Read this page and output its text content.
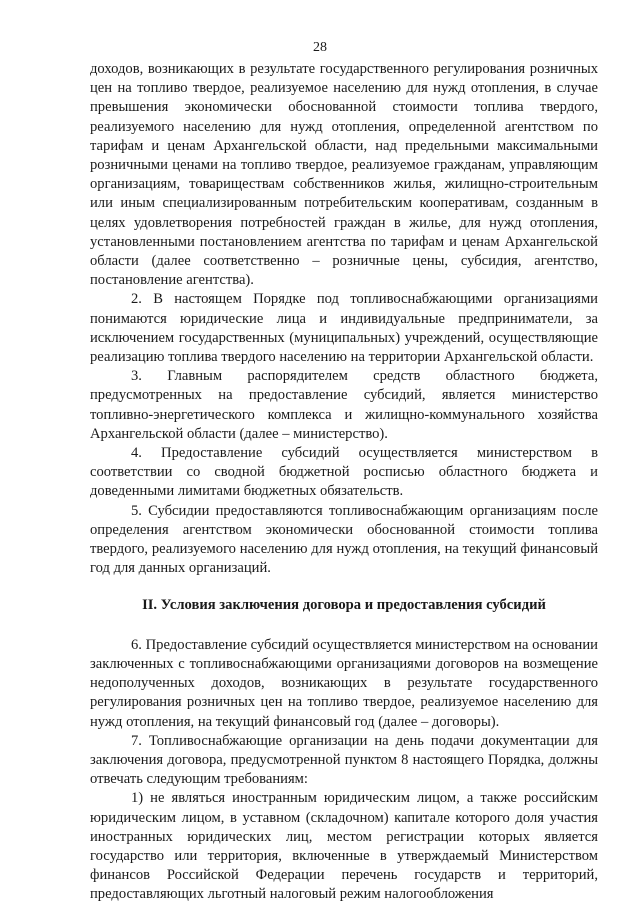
28

доходов, возникающих в результате государственного регулирования розничных цен на топливо твердое, реализуемое населению для нужд отопления, в случае превышения экономически обоснованной стоимости топлива твердого, реализуемого населению для нужд отопления, определенной агентством по тарифам и ценам Архангельской области, над предельными максимальными розничными ценами на топливо твердое, реализуемое гражданам, управляющим организациям, товариществам собственников жилья, жилищно-строительным или иным специализированным потребительским кооперативам, созданным в целях удовлетворения потребностей граждан в жилье, для нужд отопления, установленными постановлением агентства по тарифам и ценам Архангельской области (далее соответственно – розничные цены, субсидия, агентство, постановление агентства).

2. В настоящем Порядке под топливоснабжающими организациями понимаются юридические лица и индивидуальные предприниматели, за исключением государственных (муниципальных) учреждений, осуществляющие реализацию топлива твердого населению на территории Архангельской области.

3. Главным распорядителем средств областного бюджета, предусмотренных на предоставление субсидий, является министерство топливно-энергетического комплекса и жилищно-коммунального хозяйства Архангельской области (далее – министерство).

4. Предоставление субсидий осуществляется министерством в соответствии со сводной бюджетной росписью областного бюджета и доведенными лимитами бюджетных обязательств.

5. Субсидии предоставляются топливоснабжающим организациям после определения агентством экономически обоснованной стоимости топлива твердого, реализуемого населению для нужд отопления, на текущий финансовый год для данных организаций.

II. Условия заключения договора и предоставления субсидий

6. Предоставление субсидий осуществляется министерством на основании заключенных с топливоснабжающими организациями договоров на возмещение недополученных доходов, возникающих в результате государственного регулирования розничных цен на топливо твердое, реализуемое населению для нужд отопления, на текущий финансовый год (далее – договоры).

7. Топливоснабжающие организации на день подачи документации для заключения договора, предусмотренной пунктом 8 настоящего Порядка, должны отвечать следующим требованиям:

1) не являться иностранным юридическим лицом, а также российским юридическим лицом, в уставном (складочном) капитале которого доля участия иностранных юридических лиц, местом регистрации которых является государство или территория, включенные в утверждаемый Министерством финансов Российской Федерации перечень государств и территорий, предоставляющих льготный налоговый режим налогообложения
